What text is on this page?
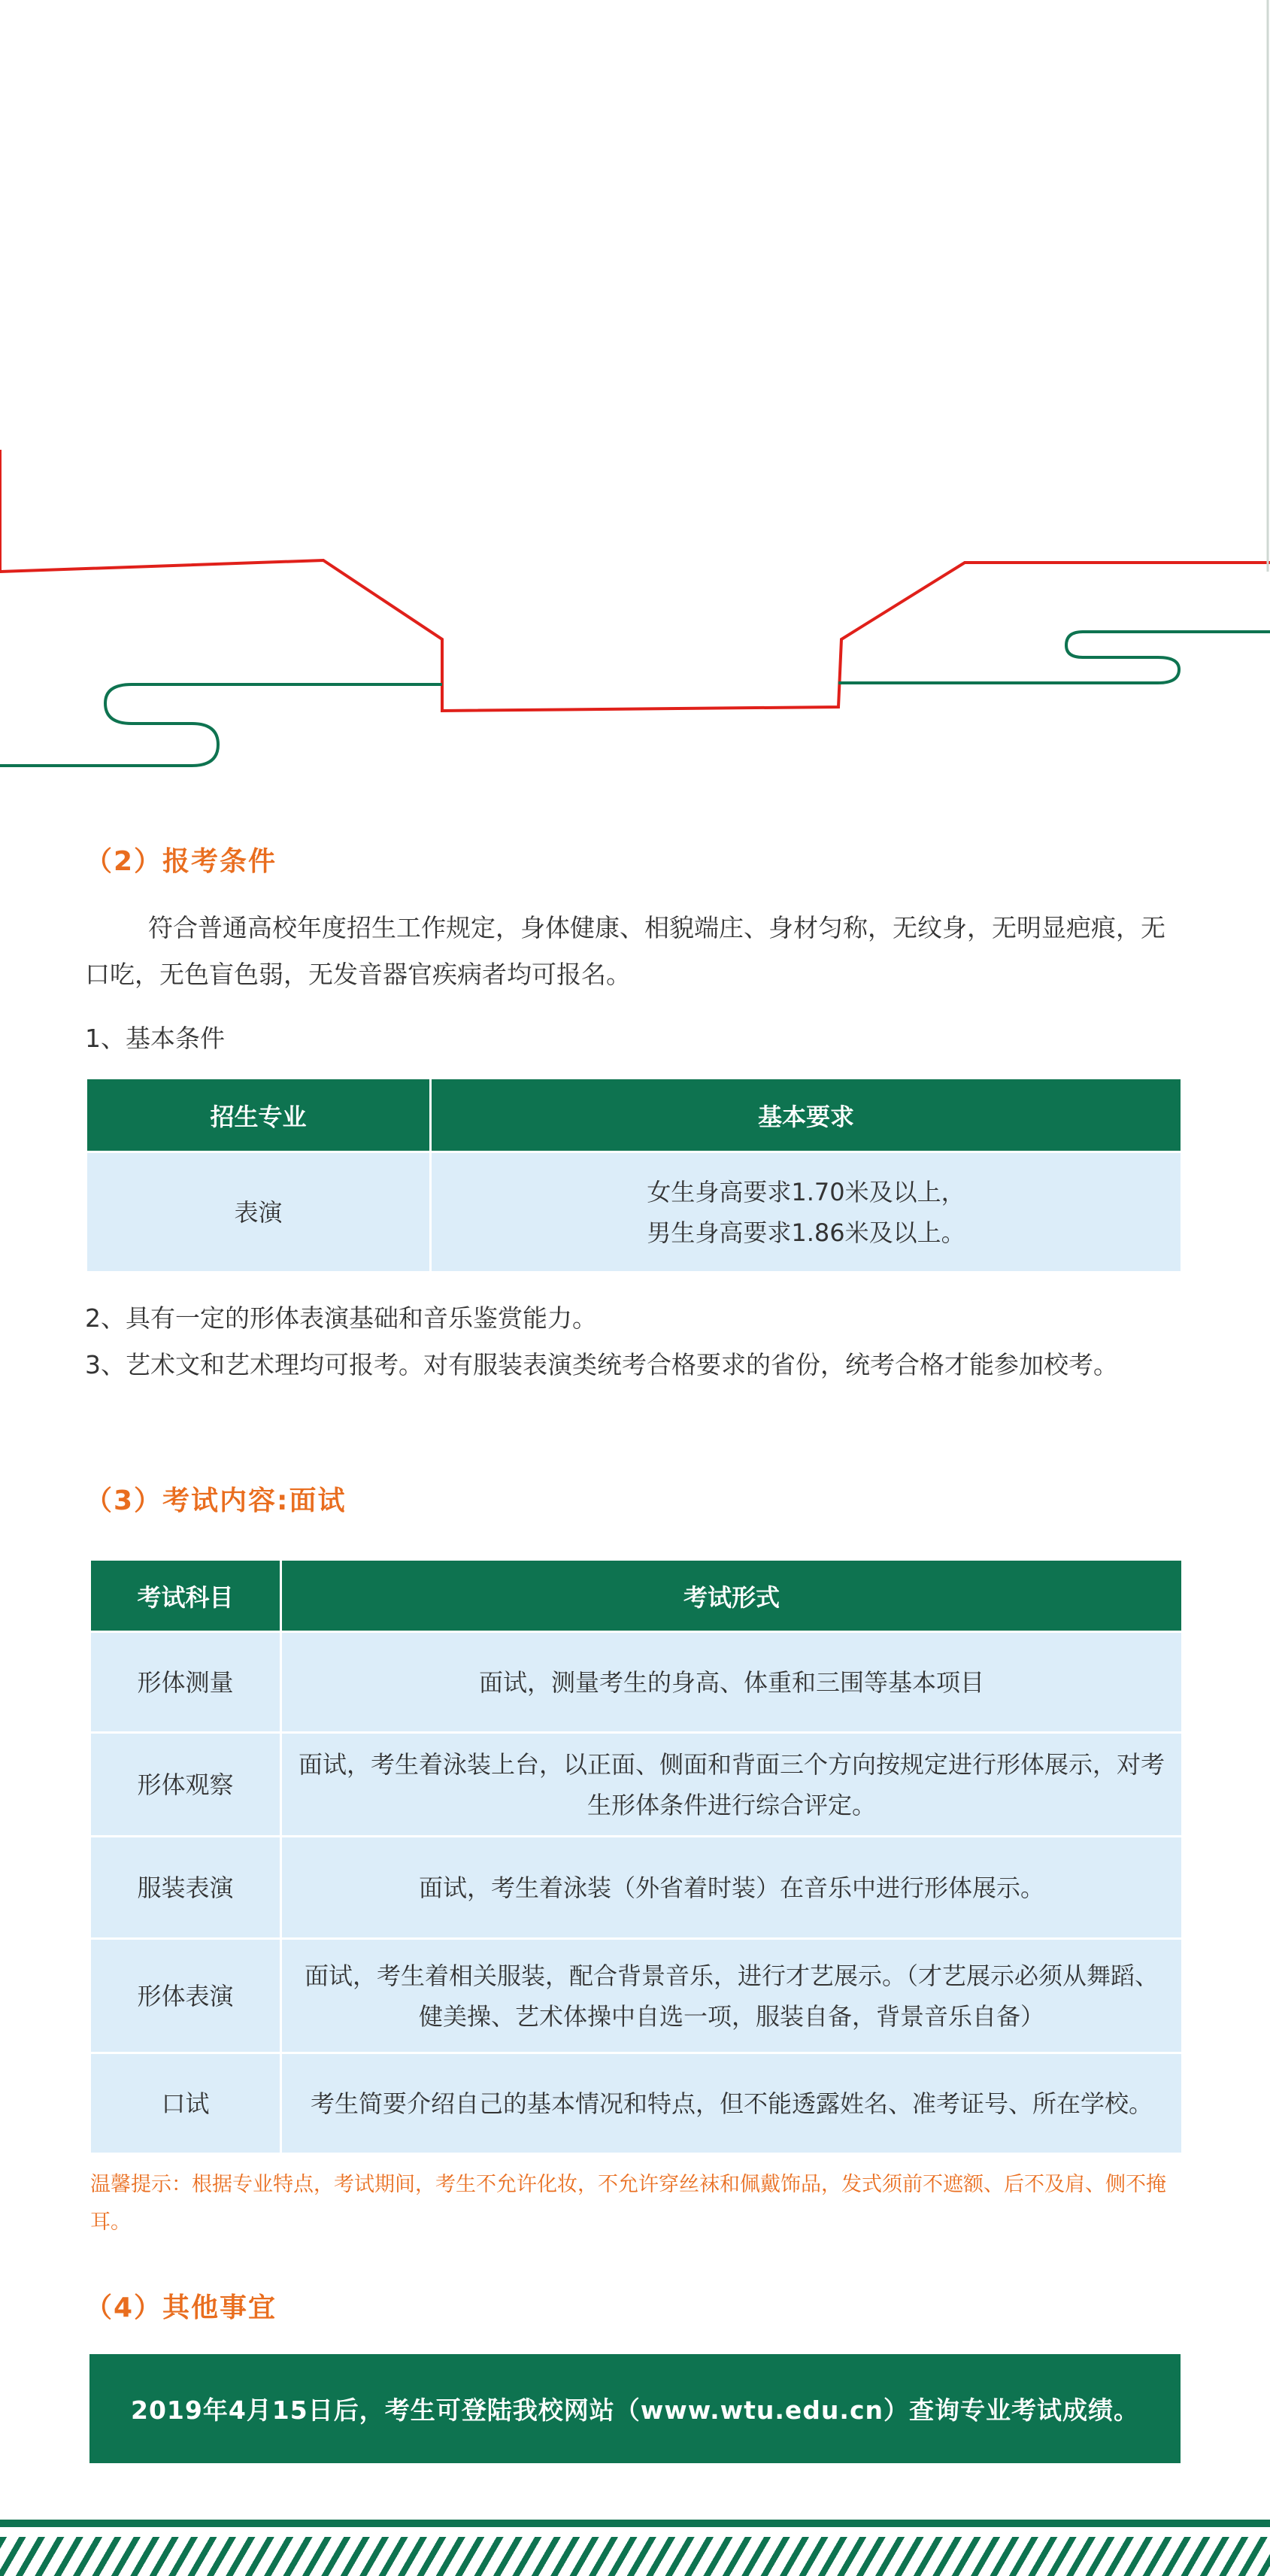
（2）报考条件
符合普通高校年度招生工作规定，身体健康、相貌端庄、身材匀称，无纹身，无明显疤痕，无口吃，无色盲色弱，无发音器官疾病者均可报名。
1、基本条件
招生专业	基本要求
表演	女生身高要求1.70米及以上，
男生身高要求1.86米及以上。
2、具有一定的形体表演基础和音乐鉴赏能力。
3、艺术文和艺术理均可报考。对有服装表演类统考合格要求的省份，统考合格才能参加校考。
（3）考试内容:面试
考试科目	考试形式
形体测量	面试，测量考生的身高、体重和三围等基本项目
形体观察	面试，考生着泳装上台，以正面、侧面和背面三个方向按规定进行形体展示，对考生形体条件进行综合评定。
服装表演	面试，考生着泳装（外省着时装）在音乐中进行形体展示。
形体表演	面试，考生着相关服装，配合背景音乐，进行才艺展示。（才艺展示必须从舞蹈、健美操、艺术体操中自选一项，服装自备，背景音乐自备）
口试	考生简要介绍自己的基本情况和特点，但不能透露姓名、准考证号、所在学校。
温馨提示：根据专业特点，考试期间，考生不允许化妆，不允许穿丝袜和佩戴饰品，发式须前不遮额、后不及肩、侧不掩耳。
（4）其他事宜
2019年4月15日后，考生可登陆我校网站（www.wtu.edu.cn）查询专业考试成绩。
